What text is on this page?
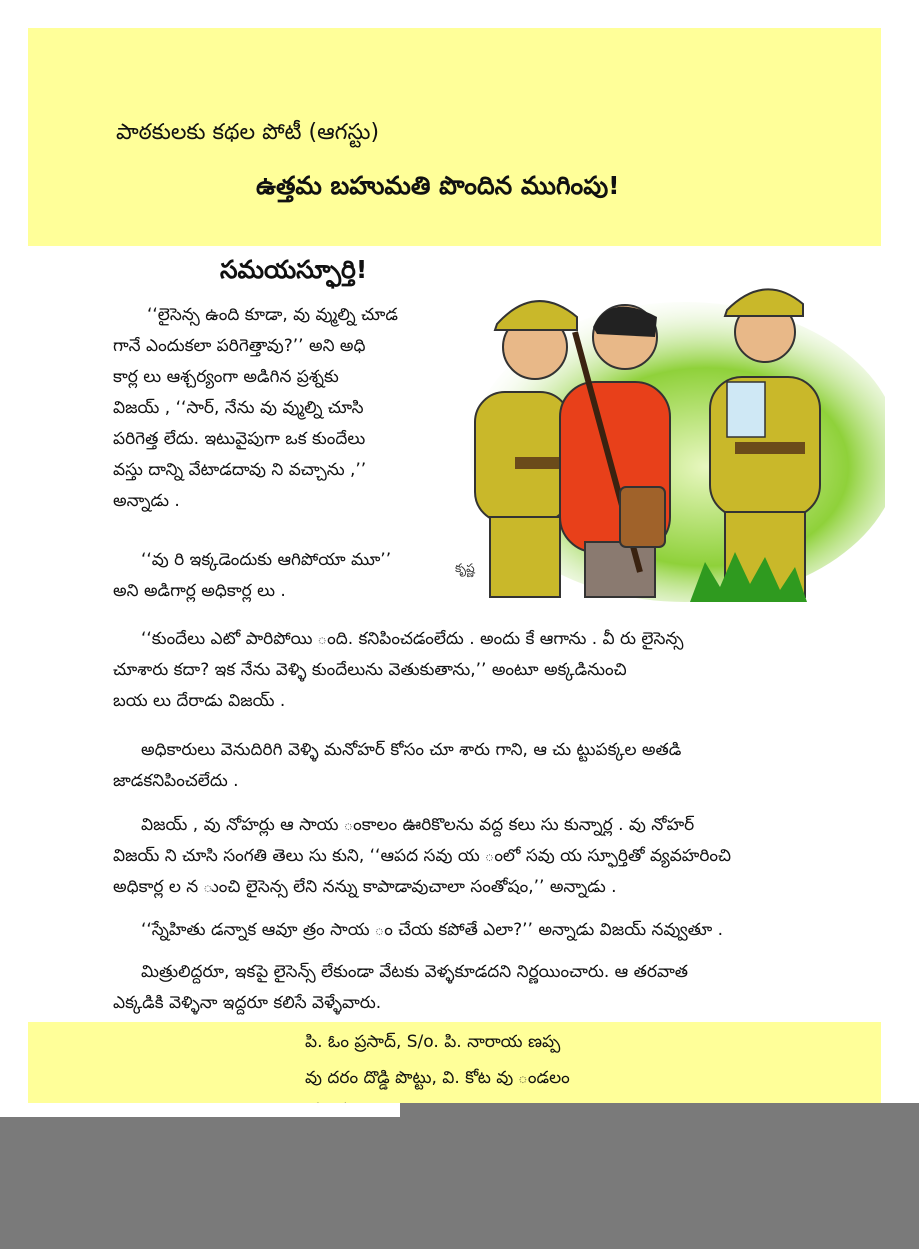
పాఠకులకు కథల పోటీ (ఆగస్టు)
ఉత్తమ బహుమతి పొందిన ముగింపు!
సమయస్ఫూర్తి!
కృష్ణ
‘‘లైసెన్స ఉంది కూడా, వు వ్ముల్ని చూడ
గానే ఎందుకలా పరిగెత్తావు?’’ అని అధి
కార్ల లు ఆశ్చర్యంగా అడిగిన ప్రశ్నకు
విజయ్ , ‘‘సార్, నేను వు వ్ముల్ని చూసి
పరిగెత్త లేదు. ఇటువైపుగా ఒక కుందేలు
వస్తు దాన్ని వేటాడదావు ని వచ్చాను ,’’
అన్నాడు .
‘‘వు రి ఇక్కడెందుకు ఆగిపోయా మూ’’
అని అడిగార్ల అధికార్ల లు .
‘‘కుందేలు ఎటో పారిపోయి ంది. కనిపించడంలేదు . అందు కే ఆగాను . వీ రు లైసెన్స
చూశారు కదా? ఇక నేను వెళ్ళి కుందేలును వెతుకుతాను,’’ అంటూ అక్కడినుంచి
బయ లు దేరాడు విజయ్ .
అధికారులు వెనుదిరిగి వెళ్ళి మనోహర్ కోసం చూ శారు గాని, ఆ చు ట్టుపక్కల అతడి
జాడకనిపించలేదు .
విజయ్ , వు నోహర్లు ఆ సాయ ంకాలం ఊరికొలను వద్ద కలు సు కున్నార్ల . వు నోహర్
విజయ్ ని చూసి సంగతి తెలు సు కుని, ‘‘ఆపద సవు య ంలో సవు య స్ఫూర్తితో వ్యవహరించి
అధికార్ల ల న ుంచి లైసెన్స లేని నన్ను కాపాడావుచాలా సంతోషం,’’ అన్నాడు .
‘‘స్నేహితు డన్నాక ఆవూ త్రం సాయ ం చేయ కపోతే ఎలా?’’ అన్నాడు విజయ్ నవ్వుతూ .
మిత్రులిద్దరూ, ఇకపై లైసెన్స్ లేకుండా వేటకు వెళ్ళకూడదని నిర్ణయించారు. ఆ తరవాత
ఎక్కడికి వెళ్ళినా ఇద్దరూ కలిసే వెళ్ళేవారు.
పి. ఓం ప్రసాద్, S/o. పి. నారాయ ణప్ప
వు దరం దొడ్డి పొట్టు, వి. కోట వు ండలం
